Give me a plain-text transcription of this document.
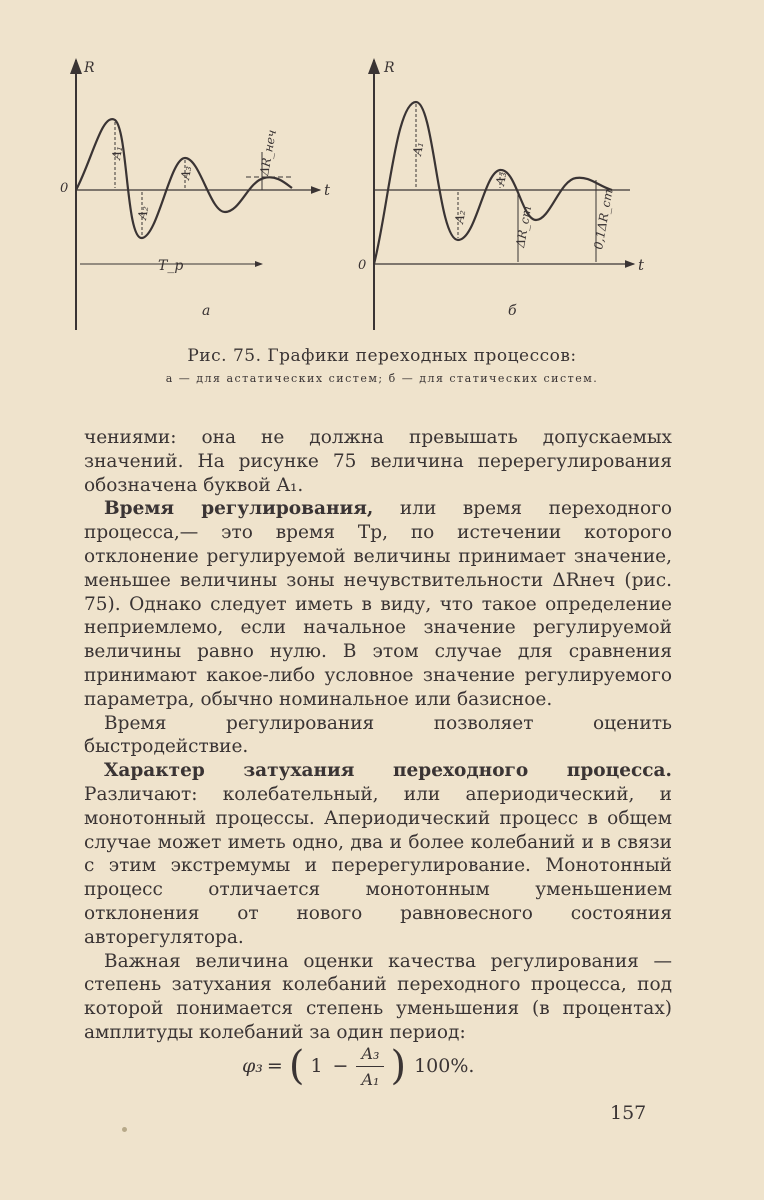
R
t
0
A₁
A₂
A₃	ΔR_неч
T_p
а
R
t
0
A₁
A₂
A₃
ΔR_ст	0,1ΔR_ст
б
Рис. 75. Графики переходных процессов:
а — для астатических систем; б — для статических систем.

чениями: она не должна превышать допускаемых значений. На рисунке 75 величина перерегулирования обозначена буквой A₁.

Время регулирования, или время переходного процесса,— это время Tр, по истечении которого отклонение регулируемой величины принимает значение, меньшее величины зоны нечувствительности ΔRнеч (рис. 75). Однако следует иметь в виду, что такое определение неприемлемо, если начальное значение регулируемой величины равно нулю. В этом случае для сравнения принимают какое-либо условное значение регулируемого параметра, обычно номинальное или базисное.

Время регулирования позволяет оценить быстродействие.

Характер затухания переходного процесса. Различают: колебательный, или апериодический, и монотонный процессы. Апериодический процесс в общем случае может иметь одно, два и более колебаний и в связи с этим экстремумы и перерегулирование. Монотонный процесс отличается монотонным уменьшением отклонения от нового равновесного состояния авторегулятора.

Важная величина оценки качества регулирования — степень затухания колебаний переходного процесса, под которой понимается степень уменьшения (в процентах) амплитуды колебаний за один период:

φ₃ = ( $1 - \frac{\text{A₃}}{\text{A₁}}$ ) 100%.
157
